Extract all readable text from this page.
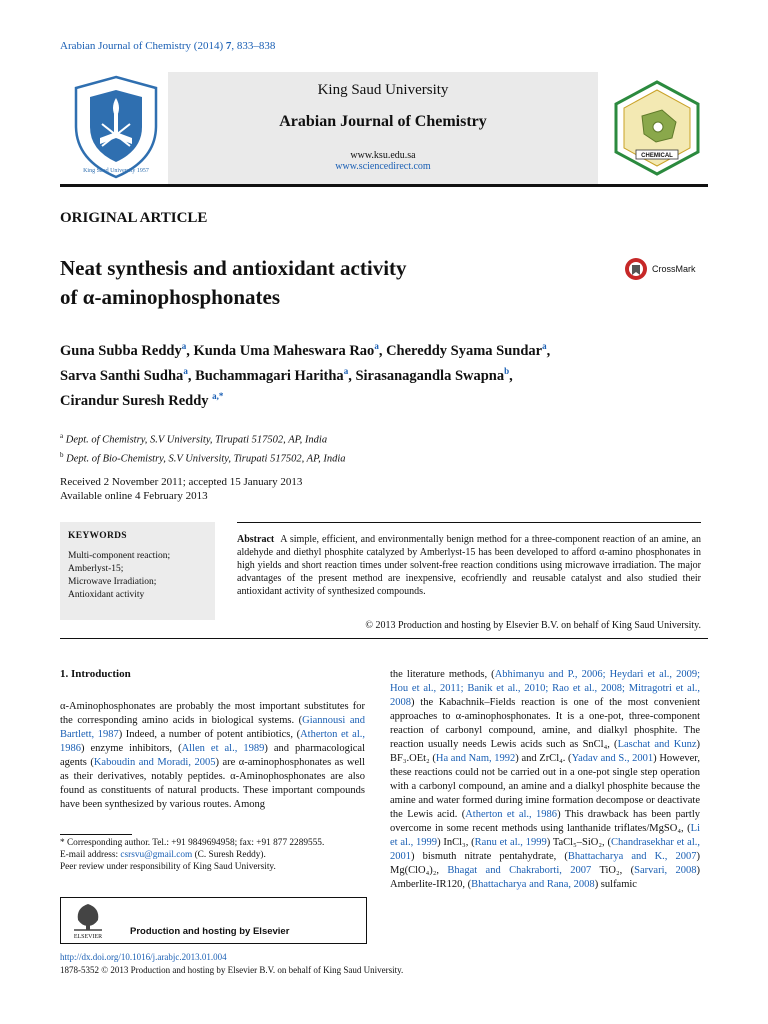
Arabian Journal of Chemistry (2014) 7, 833–838
King Saud University 1957
King Saud University
Arabian Journal of Chemistry
www.ksu.edu.sa
www.sciencedirect.com
CHEMICAL
ORIGINAL ARTICLE
Neat synthesis and antioxidant activity
of α-aminophosphonates
CrossMark
Guna Subba Reddy$^a$, Kunda Uma Maheswara Rao$^a$, Chereddy Syama Sundar$^a$,
Sarva Santhi Sudha$^a$, Buchammagari Haritha$^a$, Sirasanagandla Swapna$^b$,
Cirandur Suresh Reddy $^{a,*}$
$^a$ Dept. of Chemistry, S.V University, Tirupati 517502, AP, India
$^b$ Dept. of Bio-Chemistry, S.V University, Tirupati 517502, AP, India
Received 2 November 2011; accepted 15 January 2013
Available online 4 February 2013
KEYWORDS
Multi-component reaction;
Amberlyst-15;
Microwave Irradiation;
Antioxidant activity
Abstract A simple, efficient, and environmentally benign method for a three-component reaction of an amine, an aldehyde and diethyl phosphite catalyzed by Amberlyst-15 has been developed to afford α-amino phosphonates in high yields and short reaction times under solvent-free reaction conditions using microwave irradiation. The major advantages of the present method are inexpensive, ecofriendly and reusable catalyst and also studied their antioxidant activity of synthesized compounds.
© 2013 Production and hosting by Elsevier B.V. on behalf of King Saud University.
1. Introduction
α-Aminophosphonates are probably the most important substitutes for the corresponding amino acids in biological systems. (Giannousi and Bartlett, 1987) Indeed, a number of potent antibiotics, (Atherton et al., 1986) enzyme inhibitors, (Allen et al., 1989) and pharmacological agents (Kaboudin and Moradi, 2005) are α-aminophosphonates as well as their derivatives, notably peptides. α-Aminophosphonates are also found as constituents of natural products. These important compounds have been synthesized by various routes. Among
the literature methods, (Abhimanyu and P., 2006; Heydari et al., 2009; Hou et al., 2011; Banik et al., 2010; Rao et al., 2008; Mitragotri et al., 2008) the Kabachnik–Fields reaction is one of the most convenient approaches to α-aminophosphonates. It is a one-pot, three-component reaction of carbonyl compound, amine, and dialkyl phosphite. The reaction usually needs Lewis acids such as SnCl₄, (Laschat and Kunz) BF₃.OEt₂ (Ha and Nam, 1992) and ZrCl₄. (Yadav and S., 2001) However, these reactions could not be carried out in a one-pot single step operation with a carbonyl compound, an amine and a dialkyl phosphite because the amine and water formed during imine formation decompose or deactivate the Lewis acid. (Atherton et al., 1986) This drawback has been partly overcome in some recent methods using lanthanide triflates/MgSO₄, (Li et al., 1999) InCl₃, (Ranu et al., 1999) TaCl₅–SiO₂, (Chandrasekhar et al., 2001) bismuth nitrate pentahydrate, (Bhattacharya and K., 2007) Mg(ClO₄)₂, Bhagat and Chakraborti, 2007 TiO₂, (Sarvari, 2008) Amberlite-IR120, (Bhattacharya and Rana, 2008) sulfamic
* Corresponding author. Tel.: +91 9849694958; fax: +91 877 2289555.
E-mail address: csrsvu@gmail.com (C. Suresh Reddy).
Peer review under responsibility of King Saud University.
ELSEVIER	Production and hosting by Elsevier
http://dx.doi.org/10.1016/j.arabjc.2013.01.004
1878-5352 © 2013 Production and hosting by Elsevier B.V. on behalf of King Saud University.
